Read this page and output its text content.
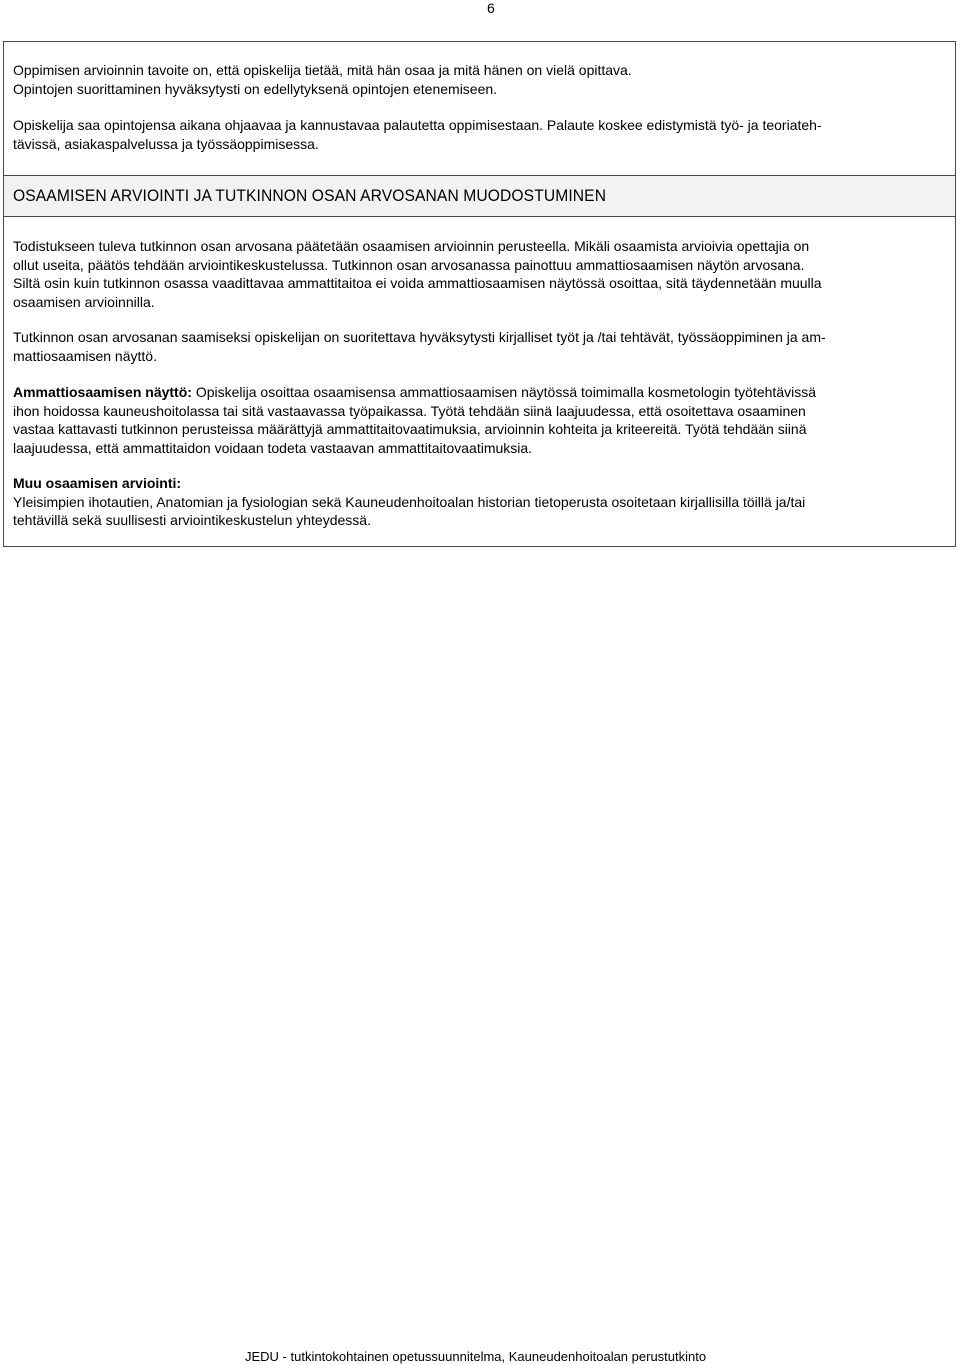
6
Oppimisen arvioinnin tavoite on, että opiskelija tietää, mitä hän osaa ja mitä hänen on vielä opittava.
Opintojen suorittaminen hyväksytysti on edellytyksenä opintojen etenemiseen.
Opiskelija saa opintojensa aikana ohjaavaa ja kannustavaa palautetta oppimisestaan. Palaute koskee edistymistä työ- ja teoriateh-
tävissä, asiakaspalvelussa ja työssäoppimisessa.
OSAAMISEN ARVIOINTI JA TUTKINNON OSAN ARVOSANAN MUODOSTUMINEN
Todistukseen tuleva tutkinnon osan arvosana päätetään osaamisen arvioinnin perusteella. Mikäli osaamista arvioivia opettajia on
ollut useita, päätös tehdään arviointikeskustelussa. Tutkinnon osan arvosanassa painottuu ammattiosaamisen näytön arvosana.
Siltä osin kuin tutkinnon osassa vaadittavaa ammattitaitoa ei voida ammattiosaamisen näytössä osoittaa, sitä täydennetään muulla
osaamisen arvioinnilla.
Tutkinnon osan arvosanan saamiseksi opiskelijan on suoritettava hyväksytysti kirjalliset työt ja /tai tehtävät, työssäoppiminen ja am-
mattiosaamisen näyttö.
Ammattiosaamisen näyttö: Opiskelija osoittaa osaamisensa ammattiosaamisen näytössä toimimalla kosmetologin työtehtävissä
ihon hoidossa kauneushoitolassa tai sitä vastaavassa työpaikassa. Työtä tehdään siinä laajuudessa, että osoitettava osaaminen
vastaa kattavasti tutkinnon perusteissa määrättyjä ammattitaitovaatimuksia, arvioinnin kohteita ja kriteereitä. Työtä tehdään siinä
laajuudessa, että ammattitaidon voidaan todeta vastaavan ammattitaitovaatimuksia.
Muu osaamisen arviointi:
Yleisimpien ihotautien, Anatomian ja fysiologian sekä Kauneudenhoitoalan historian tietoperusta osoitetaan kirjallisilla töillä ja/tai
tehtävillä sekä suullisesti arviointikeskustelun yhteydessä.
JEDU - tutkintokohtainen opetussuunnitelma, Kauneudenhoitoalan perustutkinto
